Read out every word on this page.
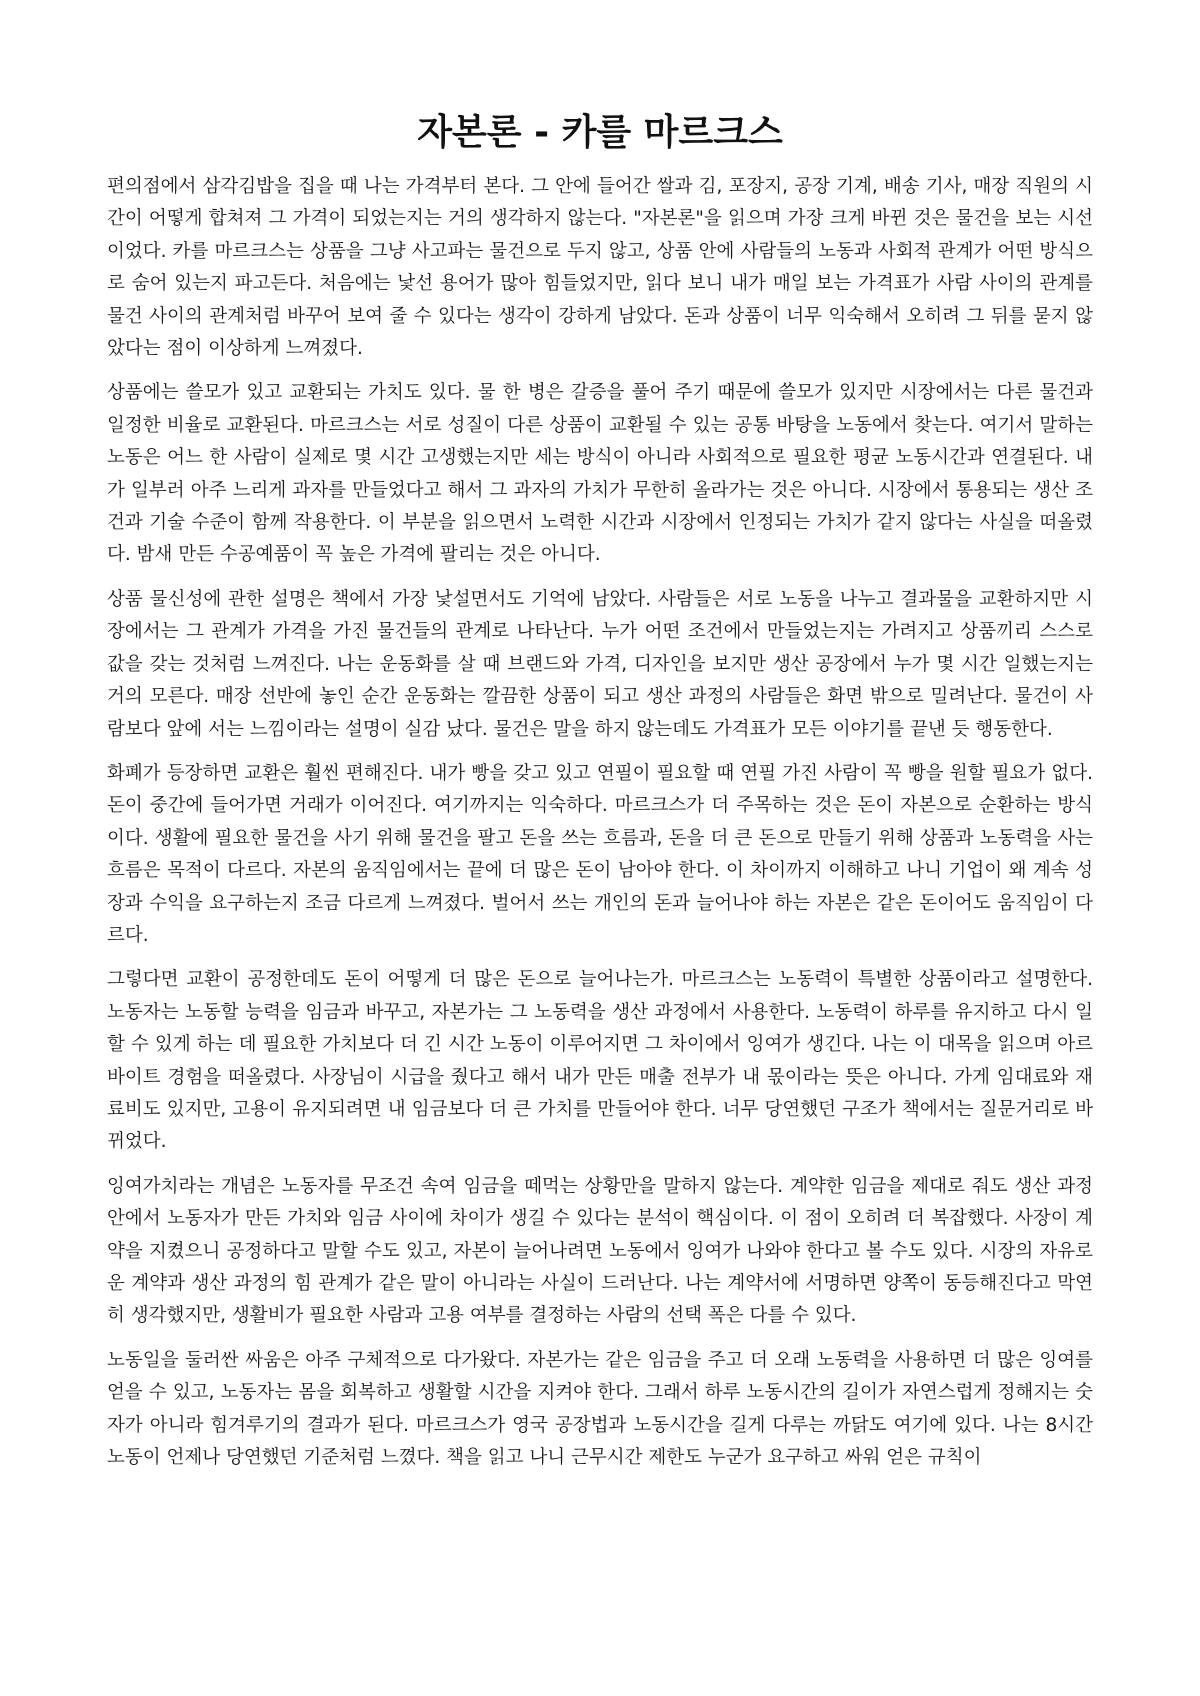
자본론 - 카를 마르크스

편의점에서 삼각김밥을 집을 때 나는 가격부터 본다. 그 안에 들어간 쌀과 김, 포장지, 공장 기계, 배송 기사, 매장 직원의 시간이 어떻게 합쳐져 그 가격이 되었는지는 거의 생각하지 않는다. "자본론"을 읽으며 가장 크게 바뀐 것은 물건을 보는 시선이었다. 카를 마르크스는 상품을 그냥 사고파는 물건으로 두지 않고, 상품 안에 사람들의 노동과 사회적 관계가 어떤 방식으로 숨어 있는지 파고든다. 처음에는 낯선 용어가 많아 힘들었지만, 읽다 보니 내가 매일 보는 가격표가 사람 사이의 관계를 물건 사이의 관계처럼 바꾸어 보여 줄 수 있다는 생각이 강하게 남았다. 돈과 상품이 너무 익숙해서 오히려 그 뒤를 묻지 않았다는 점이 이상하게 느껴졌다.

상품에는 쓸모가 있고 교환되는 가치도 있다. 물 한 병은 갈증을 풀어 주기 때문에 쓸모가 있지만 시장에서는 다른 물건과 일정한 비율로 교환된다. 마르크스는 서로 성질이 다른 상품이 교환될 수 있는 공통 바탕을 노동에서 찾는다. 여기서 말하는 노동은 어느 한 사람이 실제로 몇 시간 고생했는지만 세는 방식이 아니라 사회적으로 필요한 평균 노동시간과 연결된다. 내가 일부러 아주 느리게 과자를 만들었다고 해서 그 과자의 가치가 무한히 올라가는 것은 아니다. 시장에서 통용되는 생산 조건과 기술 수준이 함께 작용한다. 이 부분을 읽으면서 노력한 시간과 시장에서 인정되는 가치가 같지 않다는 사실을 떠올렸다. 밤새 만든 수공예품이 꼭 높은 가격에 팔리는 것은 아니다.

상품 물신성에 관한 설명은 책에서 가장 낯설면서도 기억에 남았다. 사람들은 서로 노동을 나누고 결과물을 교환하지만 시장에서는 그 관계가 가격을 가진 물건들의 관계로 나타난다. 누가 어떤 조건에서 만들었는지는 가려지고 상품끼리 스스로 값을 갖는 것처럼 느껴진다. 나는 운동화를 살 때 브랜드와 가격, 디자인을 보지만 생산 공장에서 누가 몇 시간 일했는지는 거의 모른다. 매장 선반에 놓인 순간 운동화는 깔끔한 상품이 되고 생산 과정의 사람들은 화면 밖으로 밀려난다. 물건이 사람보다 앞에 서는 느낌이라는 설명이 실감 났다. 물건은 말을 하지 않는데도 가격표가 모든 이야기를 끝낸 듯 행동한다.

화폐가 등장하면 교환은 훨씬 편해진다. 내가 빵을 갖고 있고 연필이 필요할 때 연필 가진 사람이 꼭 빵을 원할 필요가 없다. 돈이 중간에 들어가면 거래가 이어진다. 여기까지는 익숙하다. 마르크스가 더 주목하는 것은 돈이 자본으로 순환하는 방식이다. 생활에 필요한 물건을 사기 위해 물건을 팔고 돈을 쓰는 흐름과, 돈을 더 큰 돈으로 만들기 위해 상품과 노동력을 사는 흐름은 목적이 다르다. 자본의 움직임에서는 끝에 더 많은 돈이 남아야 한다. 이 차이까지 이해하고 나니 기업이 왜 계속 성장과 수익을 요구하는지 조금 다르게 느껴졌다. 벌어서 쓰는 개인의 돈과 늘어나야 하는 자본은 같은 돈이어도 움직임이 다르다.

그렇다면 교환이 공정한데도 돈이 어떻게 더 많은 돈으로 늘어나는가. 마르크스는 노동력이 특별한 상품이라고 설명한다. 노동자는 노동할 능력을 임금과 바꾸고, 자본가는 그 노동력을 생산 과정에서 사용한다. 노동력이 하루를 유지하고 다시 일할 수 있게 하는 데 필요한 가치보다 더 긴 시간 노동이 이루어지면 그 차이에서 잉여가 생긴다. 나는 이 대목을 읽으며 아르바이트 경험을 떠올렸다. 사장님이 시급을 줬다고 해서 내가 만든 매출 전부가 내 몫이라는 뜻은 아니다. 가게 임대료와 재료비도 있지만, 고용이 유지되려면 내 임금보다 더 큰 가치를 만들어야 한다. 너무 당연했던 구조가 책에서는 질문거리로 바뀌었다.

잉여가치라는 개념은 노동자를 무조건 속여 임금을 떼먹는 상황만을 말하지 않는다. 계약한 임금을 제대로 줘도 생산 과정 안에서 노동자가 만든 가치와 임금 사이에 차이가 생길 수 있다는 분석이 핵심이다. 이 점이 오히려 더 복잡했다. 사장이 계약을 지켰으니 공정하다고 말할 수도 있고, 자본이 늘어나려면 노동에서 잉여가 나와야 한다고 볼 수도 있다. 시장의 자유로운 계약과 생산 과정의 힘 관계가 같은 말이 아니라는 사실이 드러난다. 나는 계약서에 서명하면 양쪽이 동등해진다고 막연히 생각했지만, 생활비가 필요한 사람과 고용 여부를 결정하는 사람의 선택 폭은 다를 수 있다.

노동일을 둘러싼 싸움은 아주 구체적으로 다가왔다. 자본가는 같은 임금을 주고 더 오래 노동력을 사용하면 더 많은 잉여를 얻을 수 있고, 노동자는 몸을 회복하고 생활할 시간을 지켜야 한다. 그래서 하루 노동시간의 길이가 자연스럽게 정해지는 숫자가 아니라 힘겨루기의 결과가 된다. 마르크스가 영국 공장법과 노동시간을 길게 다루는 까닭도 여기에 있다. 나는 8시간 노동이 언제나 당연했던 기준처럼 느꼈다. 책을 읽고 나니 근무시간 제한도 누군가 요구하고 싸워 얻은 규칙이
